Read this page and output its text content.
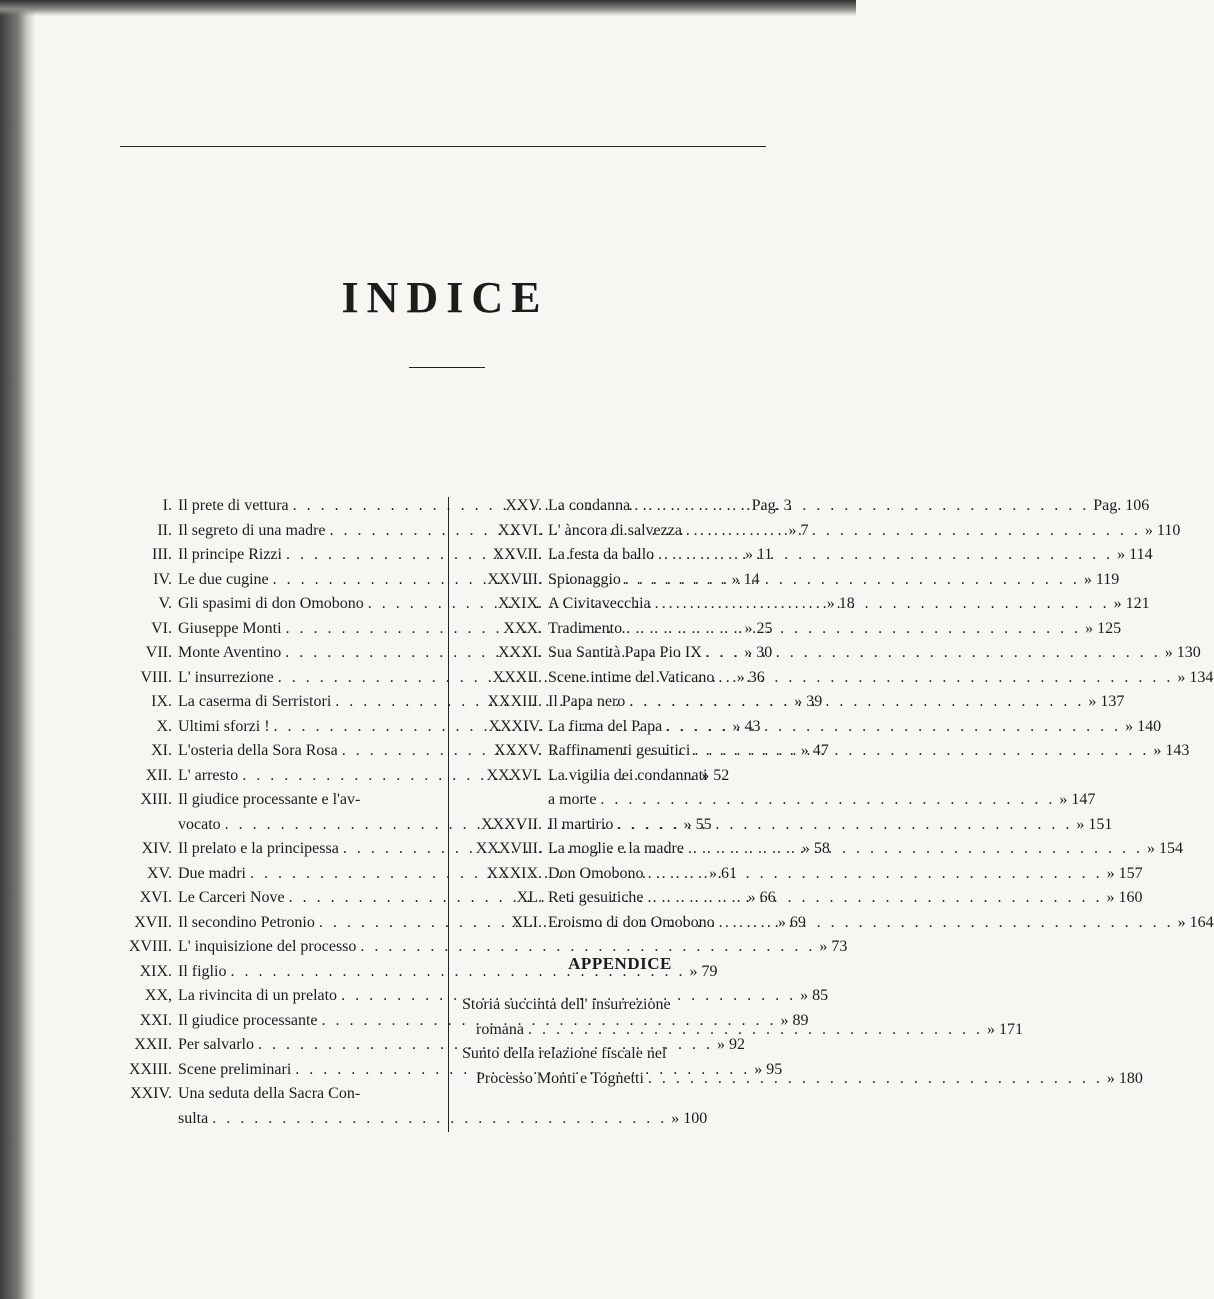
INDICE
I. Il prete di vettura . . .	Pag. 3
II. Il segreto di una madre . . .	» 7
III. Il principe Rizzi . . .	» 11
IV. Le due cugine . . .	» 14
V. Gli spasimi di don Omobono . . .	» 18
VI. Giuseppe Monti . . .	» 25
VII. Monte Aventino . . .	» 30
VIII. L' insurrezione . . .	» 36
IX. La caserma di Serristori . . .	» 39
X. Ultimi sforzi ! . . .	» 43
XI. L'osteria della Sora Rosa . . .	» 47
XII. L' arresto . . .	» 52
XIII. Il giudice processante e l'av-
vocato . . .	» 55
XIV. Il prelato e la principessa . . .	» 58
XV. Due madri . . .	» 61
XVI. Le Carceri Nove . . .	» 66
XVII. Il secondino Petronio . . .	» 69
XVIII. L' inquisizione del processo . . .	» 73
XIX. Il figlio . . .	» 79
XX, La rivincita di un prelato . . .	» 85
XXI. Il giudice processante . . .	» 89
XXII. Per salvarlo . . .	» 92
XXIII. Scene preliminari . . .	» 95
XXIV. Una seduta della Sacra Con-
sulta . . .	» 100
XXV. La condanna . . .	Pag. 106
XXVI. L' àncora di salvezza . . .	» 110
XXVII. La festa da ballo . . .	» 114
XXVIII. Spionaggio . . .	» 119
XXIX. A Civitavecchia . . .	» 121
XXX. Tradimento . . .	» 125
XXXI. Sua Santità Papa Pio IX . . .	» 130
XXXII. Scene intime del Vaticano . . .	» 134
XXXIII. Il Papa nero . . .	» 137
XXXIV. La firma del Papa . . .	» 140
XXXV. Raffinamenti gesuitici . . .	» 143
XXXVI. La vigilia dei condannati
a morte . . .	» 147
XXXVII. Il martirio . . .	» 151
XXXVIII. La moglie e la madre . . .	» 154
XXXIX. Don Omobono . . .	» 157
XL. Reti gesuitiche . . .	» 160
XLI. Eroismo di don Omobono . . .	» 164
APPENDICE
Storia succinta dell' insurrezione
romana . . .	» 171
Sunto della relazione fiscale nel
Processo Monti e Tognetti . . .	» 180
